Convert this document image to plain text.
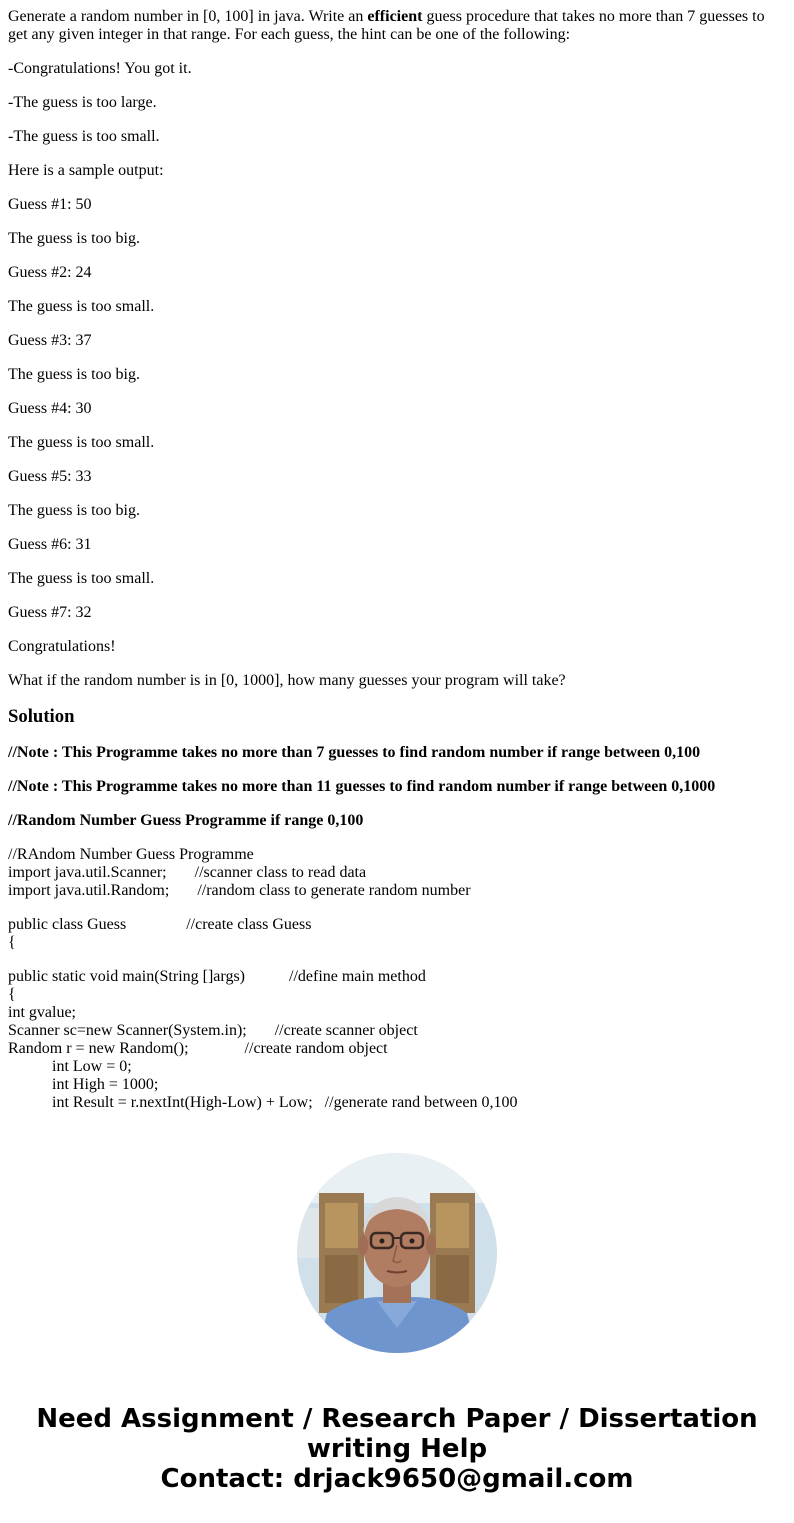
Generate a random number in [0, 100] in java. Write an efficient guess procedure that takes no more than 7 guesses to get any given integer in that range. For each guess, the hint can be one of the following:

-Congratulations! You got it.

-The guess is too large.

-The guess is too small.

Here is a sample output:

Guess #1: 50

The guess is too big.

Guess #2: 24

The guess is too small.

Guess #3: 37

The guess is too big.

Guess #4: 30

The guess is too small.

Guess #5: 33

The guess is too big.

Guess #6: 31

The guess is too small.

Guess #7: 32

Congratulations!

What if the random number is in [0, 1000], how many guesses your program will take?

Solution

//Note : This Programme takes no more than 7 guesses to find random number if range between 0,100

//Note : This Programme takes no more than 11 guesses to find random number if range between 0,1000

//Random Number Guess Programme if range 0,100

//RAndom Number Guess Programme
import java.util.Scanner;       //scanner class to read data
import java.util.Random;       //random class to generate random number
public class Guess               //create class Guess
{
public static void main(String []args)           //define main method
{
int gvalue;
Scanner sc=new Scanner(System.in);       //create scanner object
Random r = new Random();              //create random object
int Low = 0;
int High = 1000;
int Result = r.nextInt(High-Low) + Low;   //generate rand between 0,100
Need Assignment / Research Paper / Dissertation
writing Help
Contact: drjack9650@gmail.com
